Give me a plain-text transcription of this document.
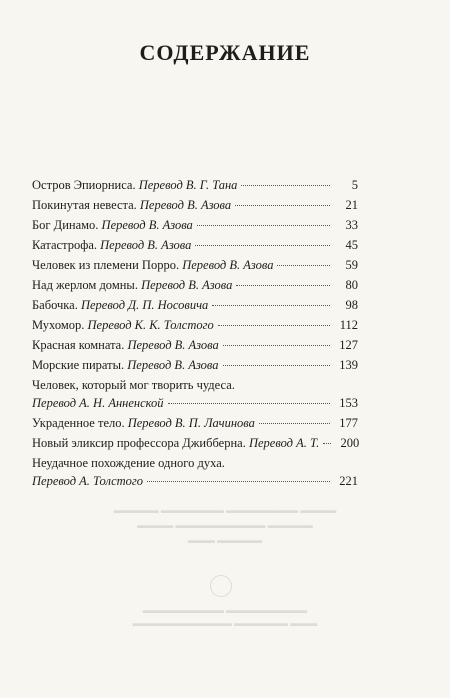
▬▬▬▬▬ ▬▬▬▬▬▬▬ ▬▬▬▬▬▬▬▬ ▬▬▬▬
▬▬▬▬ ▬▬▬▬▬▬▬▬▬▬ ▬▬▬▬▬
▬▬▬ ▬▬▬▬▬
▬▬▬▬▬▬▬▬▬ ▬▬▬▬▬▬▬▬▬
▬▬▬▬▬▬▬▬▬▬▬ ▬▬▬▬▬▬ ▬▬▬
СОДЕРЖАНИЕ
Остров Эпиорниса.
Перевод В. Г. Тана	5
Покинутая невеста.
Перевод В. Азова	21
Бог Динамо.
Перевод В. Азова	33
Катастрофа.
Перевод В. Азова	45
Человек из племени Порро.
Перевод В. Азова	59
Над жерлом домны.
Перевод В. Азова	80
Бабочка.
Перевод Д. П. Носовича	98
Мухомор.
Перевод К. К. Толстого	112
Красная комната.
Перевод В. Азова	127
Морские пираты.
Перевод В. Азова	139
Человек, который мог творить чудеса.
Перевод А. Н. Анненской	153
Украденное тело.
Перевод В. П. Лачинова	177
Новый эликсир профессора Джибберна.
Перевод А. Т.	200
Неудачное похождение одного духа.
Перевод А. Толстого	221
